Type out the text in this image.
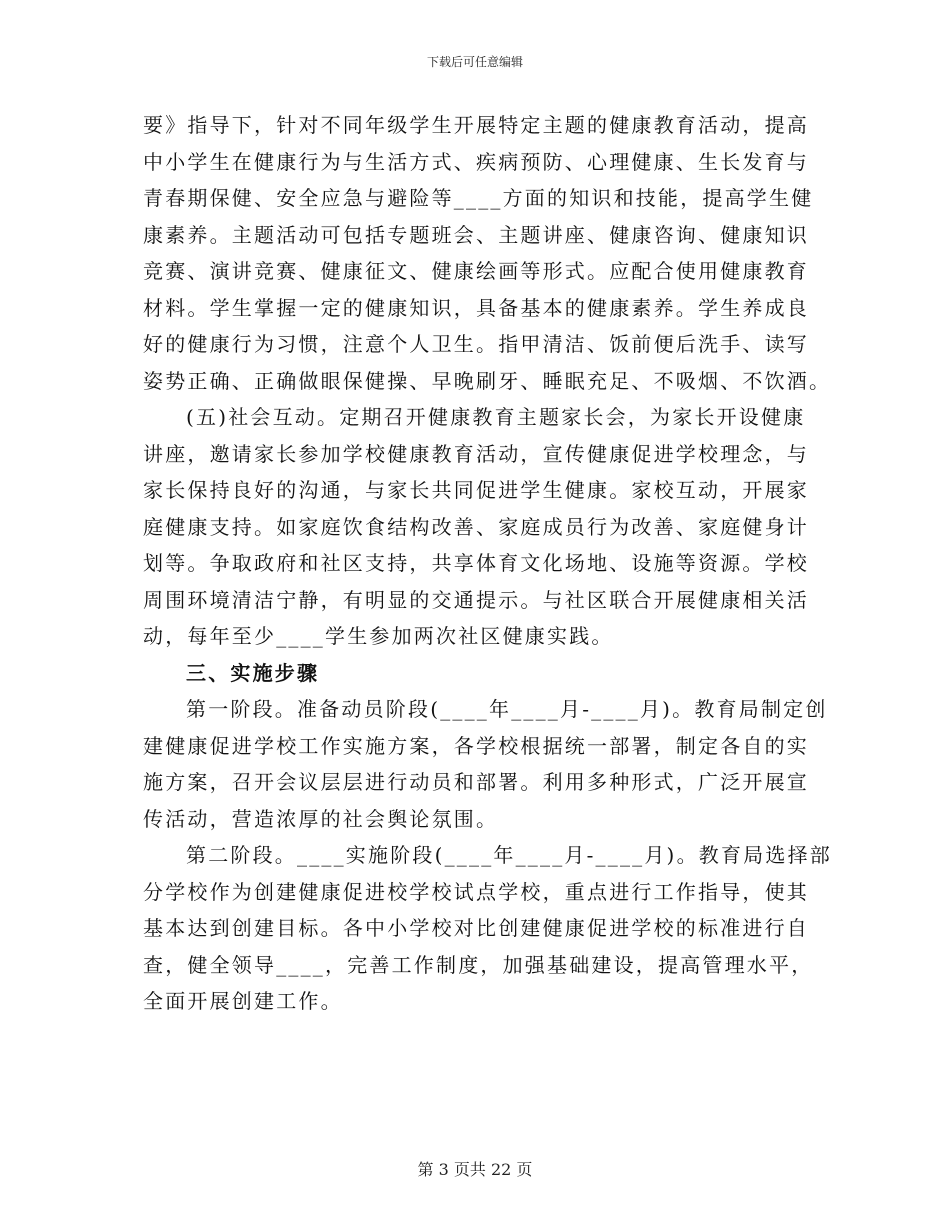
下载后可任意编辑
要》指导下，针对不同年级学生开展特定主题的健康教育活动，提高
中小学生在健康行为与生活方式、疾病预防、心理健康、生长发育与
青春期保健、安全应急与避险等____方面的知识和技能，提高学生健
康素养。主题活动可包括专题班会、主题讲座、健康咨询、健康知识
竞赛、演讲竞赛、健康征文、健康绘画等形式。应配合使用健康教育
材料。学生掌握一定的健康知识，具备基本的健康素养。学生养成良
好的健康行为习惯，注意个人卫生。指甲清洁、饭前便后洗手、读写
姿势正确、正确做眼保健操、早晚刷牙、睡眠充足、不吸烟、不饮酒。
(五)社会互动。定期召开健康教育主题家长会，为家长开设健康
讲座，邀请家长参加学校健康教育活动，宣传健康促进学校理念，与
家长保持良好的沟通，与家长共同促进学生健康。家校互动，开展家
庭健康支持。如家庭饮食结构改善、家庭成员行为改善、家庭健身计
划等。争取政府和社区支持，共享体育文化场地、设施等资源。学校
周围环境清洁宁静，有明显的交通提示。与社区联合开展健康相关活
动，每年至少____学生参加两次社区健康实践。
三、实施步骤
第一阶段。准备动员阶段(____年____月-____月)。教育局制定创
建健康促进学校工作实施方案，各学校根据统一部署，制定各自的实
施方案，召开会议层层进行动员和部署。利用多种形式，广泛开展宣
传活动，营造浓厚的社会舆论氛围。
第二阶段。____实施阶段(____年____月-____月)。教育局选择部
分学校作为创建健康促进校学校试点学校，重点进行工作指导，使其
基本达到创建目标。各中小学校对比创建健康促进学校的标准进行自
查，健全领导____，完善工作制度，加强基础建设，提高管理水平，
全面开展创建工作。
第 3 页共 22 页
